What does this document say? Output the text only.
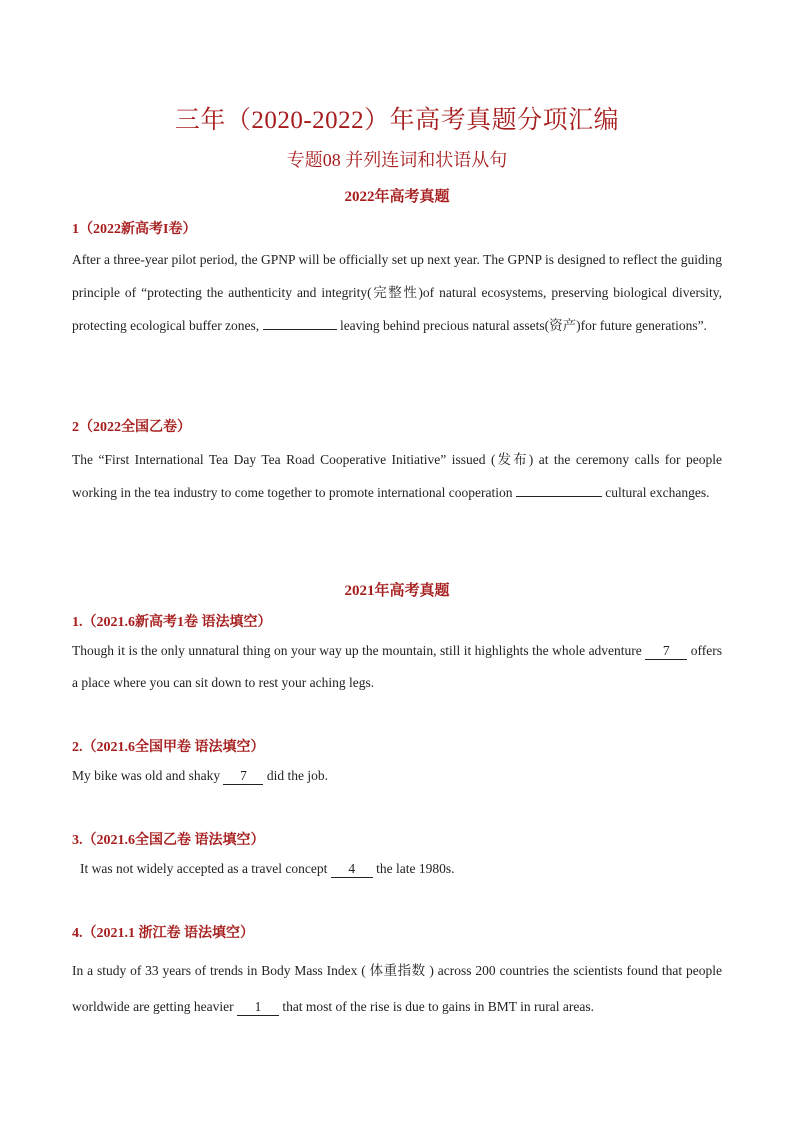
三年（2020-2022）年高考真题分项汇编
专题08 并列连词和状语从句
2022年高考真题
1（2022新高考I卷）
After a three-year pilot period, the GPNP will be officially set up next year. The GPNP is designed to reflect the guiding principle of “protecting the authenticity and integrity(完整性)of natural ecosystems, preserving biological diversity, protecting ecological buffer zones,	leaving behind precious natural assets(资产)for future generations”.
2（2022全国乙卷）
The “First International Tea Day Tea Road Cooperative Initiative” issued (发布) at the ceremony calls for people working in the tea industry to come together to promote international cooperation	cultural exchanges.
2021年高考真题
1.（2021.6新高考1卷 语法填空）
Though it is the only unnatural thing on your way up the mountain, still it highlights the whole adventure 7 offers a place where you can sit down to rest your aching legs.
2.（2021.6全国甲卷 语法填空）
My bike was old and shaky 7 did the job.
3.（2021.6全国乙卷 语法填空）
It was not widely accepted as a travel concept 4 the late 1980s.
4.（2021.1 浙江卷 语法填空）
In a study of 33 years of trends in Body Mass Index ( 体重指数 ) across 200 countries the scientists found that people worldwide are getting heavier 1 that most of the rise is due to gains in BMT in rural areas.
